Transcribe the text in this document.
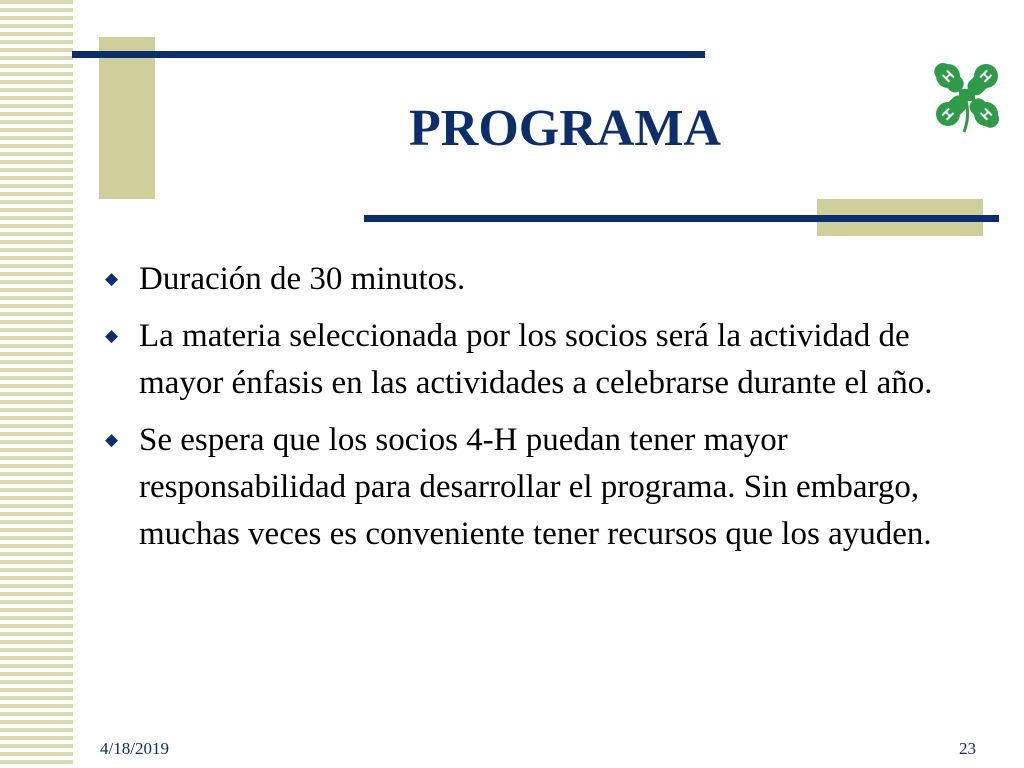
PROGRAMA
H H
H H
◆ Duración de 30 minutos.
◆ La materia seleccionada por los socios será la actividad de mayor énfasis en las actividades a celebrarse durante el año.
◆ Se espera que los socios 4-H puedan tener mayor responsabilidad para desarrollar el programa. Sin embargo, muchas veces es conveniente tener recursos que los ayuden.
4/18/2019	23
